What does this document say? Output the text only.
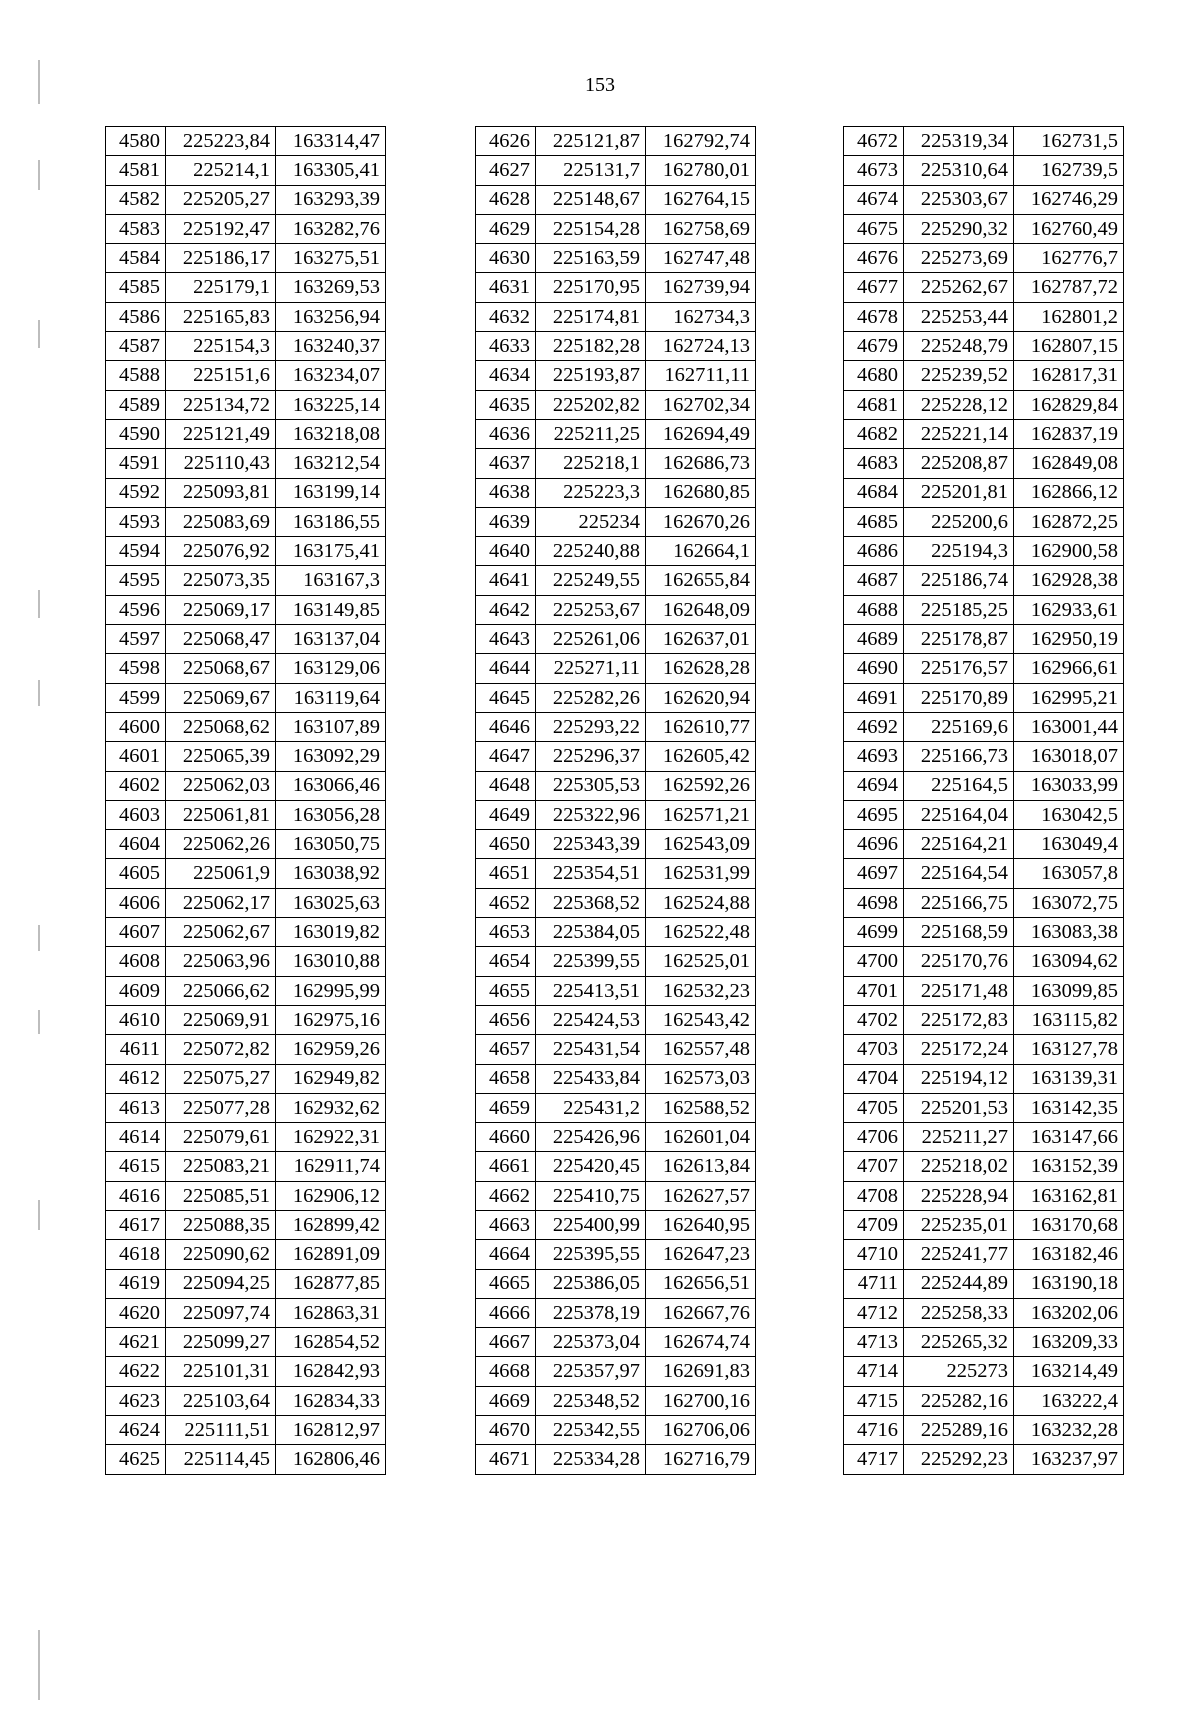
153
4580	225223,84	163314,47
4581	225214,1	163305,41
4582	225205,27	163293,39
4583	225192,47	163282,76
4584	225186,17	163275,51
4585	225179,1	163269,53
4586	225165,83	163256,94
4587	225154,3	163240,37
4588	225151,6	163234,07
4589	225134,72	163225,14
4590	225121,49	163218,08
4591	225110,43	163212,54
4592	225093,81	163199,14
4593	225083,69	163186,55
4594	225076,92	163175,41
4595	225073,35	163167,3
4596	225069,17	163149,85
4597	225068,47	163137,04
4598	225068,67	163129,06
4599	225069,67	163119,64
4600	225068,62	163107,89
4601	225065,39	163092,29
4602	225062,03	163066,46
4603	225061,81	163056,28
4604	225062,26	163050,75
4605	225061,9	163038,92
4606	225062,17	163025,63
4607	225062,67	163019,82
4608	225063,96	163010,88
4609	225066,62	162995,99
4610	225069,91	162975,16
4611	225072,82	162959,26
4612	225075,27	162949,82
4613	225077,28	162932,62
4614	225079,61	162922,31
4615	225083,21	162911,74
4616	225085,51	162906,12
4617	225088,35	162899,42
4618	225090,62	162891,09
4619	225094,25	162877,85
4620	225097,74	162863,31
4621	225099,27	162854,52
4622	225101,31	162842,93
4623	225103,64	162834,33
4624	225111,51	162812,97
4625	225114,45	162806,46
4626	225121,87	162792,74
4627	225131,7	162780,01
4628	225148,67	162764,15
4629	225154,28	162758,69
4630	225163,59	162747,48
4631	225170,95	162739,94
4632	225174,81	162734,3
4633	225182,28	162724,13
4634	225193,87	162711,11
4635	225202,82	162702,34
4636	225211,25	162694,49
4637	225218,1	162686,73
4638	225223,3	162680,85
4639	225234	162670,26
4640	225240,88	162664,1
4641	225249,55	162655,84
4642	225253,67	162648,09
4643	225261,06	162637,01
4644	225271,11	162628,28
4645	225282,26	162620,94
4646	225293,22	162610,77
4647	225296,37	162605,42
4648	225305,53	162592,26
4649	225322,96	162571,21
4650	225343,39	162543,09
4651	225354,51	162531,99
4652	225368,52	162524,88
4653	225384,05	162522,48
4654	225399,55	162525,01
4655	225413,51	162532,23
4656	225424,53	162543,42
4657	225431,54	162557,48
4658	225433,84	162573,03
4659	225431,2	162588,52
4660	225426,96	162601,04
4661	225420,45	162613,84
4662	225410,75	162627,57
4663	225400,99	162640,95
4664	225395,55	162647,23
4665	225386,05	162656,51
4666	225378,19	162667,76
4667	225373,04	162674,74
4668	225357,97	162691,83
4669	225348,52	162700,16
4670	225342,55	162706,06
4671	225334,28	162716,79
4672	225319,34	162731,5
4673	225310,64	162739,5
4674	225303,67	162746,29
4675	225290,32	162760,49
4676	225273,69	162776,7
4677	225262,67	162787,72
4678	225253,44	162801,2
4679	225248,79	162807,15
4680	225239,52	162817,31
4681	225228,12	162829,84
4682	225221,14	162837,19
4683	225208,87	162849,08
4684	225201,81	162866,12
4685	225200,6	162872,25
4686	225194,3	162900,58
4687	225186,74	162928,38
4688	225185,25	162933,61
4689	225178,87	162950,19
4690	225176,57	162966,61
4691	225170,89	162995,21
4692	225169,6	163001,44
4693	225166,73	163018,07
4694	225164,5	163033,99
4695	225164,04	163042,5
4696	225164,21	163049,4
4697	225164,54	163057,8
4698	225166,75	163072,75
4699	225168,59	163083,38
4700	225170,76	163094,62
4701	225171,48	163099,85
4702	225172,83	163115,82
4703	225172,24	163127,78
4704	225194,12	163139,31
4705	225201,53	163142,35
4706	225211,27	163147,66
4707	225218,02	163152,39
4708	225228,94	163162,81
4709	225235,01	163170,68
4710	225241,77	163182,46
4711	225244,89	163190,18
4712	225258,33	163202,06
4713	225265,32	163209,33
4714	225273	163214,49
4715	225282,16	163222,4
4716	225289,16	163232,28
4717	225292,23	163237,97
